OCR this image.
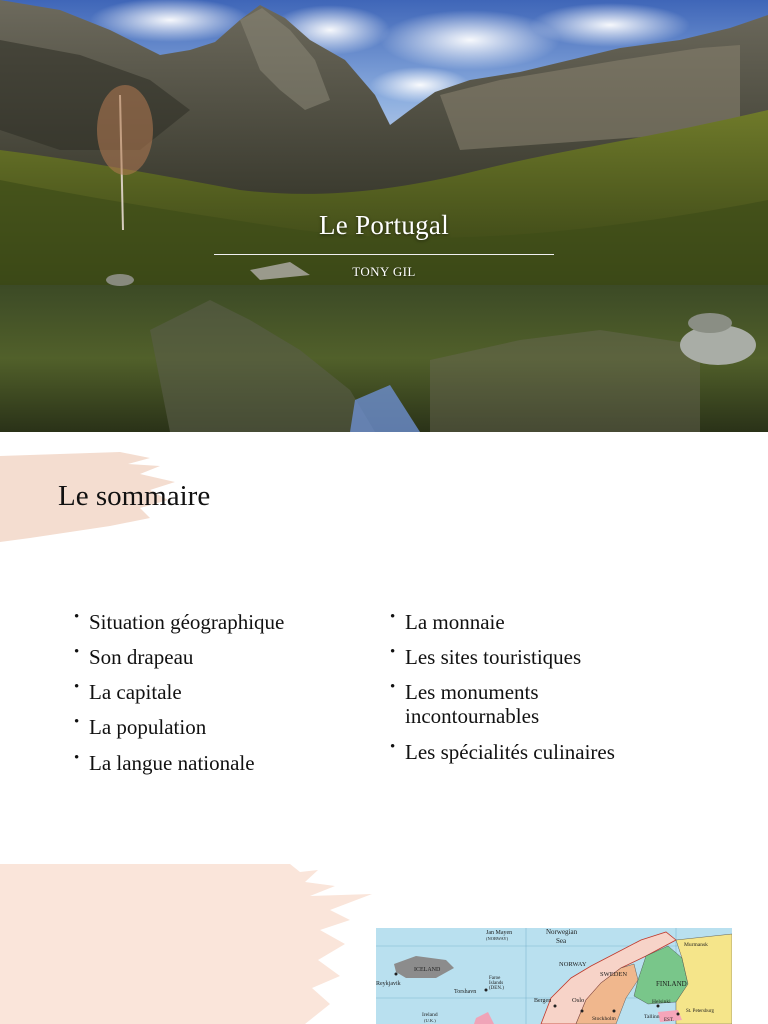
Le Portugal
TONY GIL
Le sommaire
• Situation géographique
• Son drapeau
• La capitale
• La population
• La langue nationale
• La monnaie
• Les sites touristiques
• Les monuments incontournables
• Les spécialités culinaires
Jan Mayen
(NORWAY)
Norwegian
Sea
ICELAND
Reykjavik
Faroe
Islands
(DEN.)
Torshavn
NORWAY
SWEDEN
FINLAND
Murmansk
Bergen	Oslo
Stockholm
Helsinki
Tallinn
EST.
St. Petersburg
Ireland
(U.K.)
